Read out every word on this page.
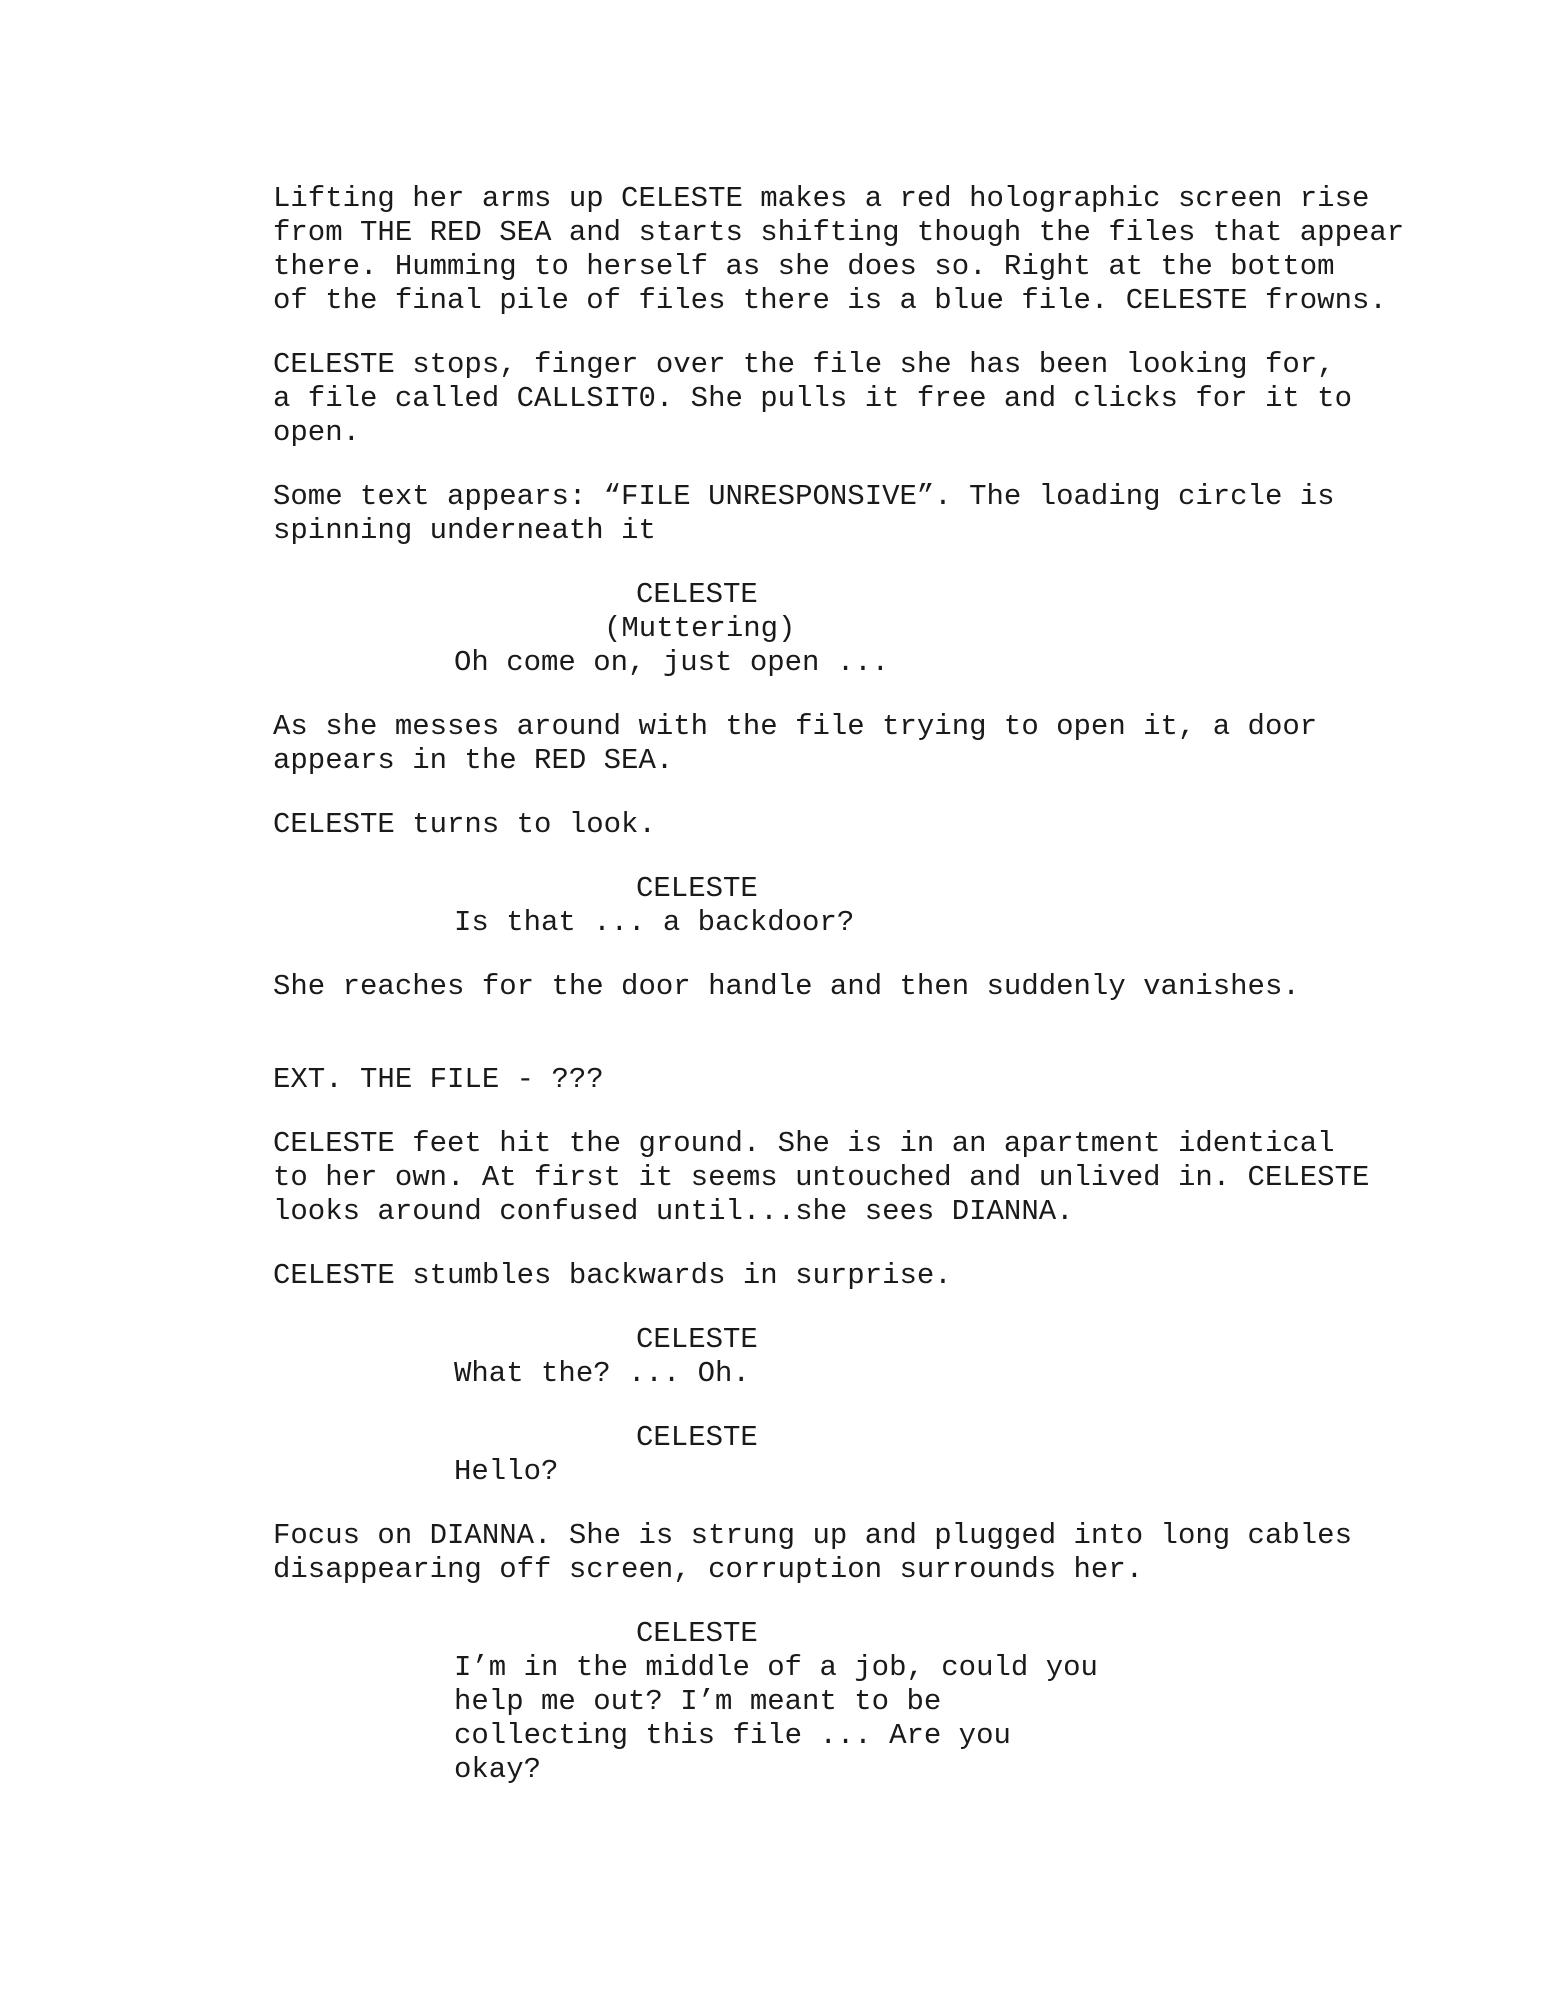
Lifting her arms up CELESTE makes a red holographic screen rise

from THE RED SEA and starts shifting though the files that appear

there. Humming to herself as she does so. Right at the bottom

of the final pile of files there is a blue file. CELESTE frowns.

CELESTE stops, finger over the file she has been looking for,

a file called CALLSIT0. She pulls it free and clicks for it to

open.

Some text appears: “FILE UNRESPONSIVE”. The loading circle is

spinning underneath it

CELESTE

(Muttering)

Oh come on, just open ...

As she messes around with the file trying to open it, a door

appears in the RED SEA.

CELESTE turns to look.

CELESTE

Is that ... a backdoor?

She reaches for the door handle and then suddenly vanishes.

EXT. THE FILE - ???

CELESTE feet hit the ground. She is in an apartment identical

to her own. At first it seems untouched and unlived in. CELESTE

looks around confused until...she sees DIANNA.

CELESTE stumbles backwards in surprise.

CELESTE

What the? ... Oh.

CELESTE

Hello?

Focus on DIANNA. She is strung up and plugged into long cables

disappearing off screen, corruption surrounds her.

CELESTE

I’m in the middle of a job, could you

help me out? I’m meant to be

collecting this file ... Are you

okay?
